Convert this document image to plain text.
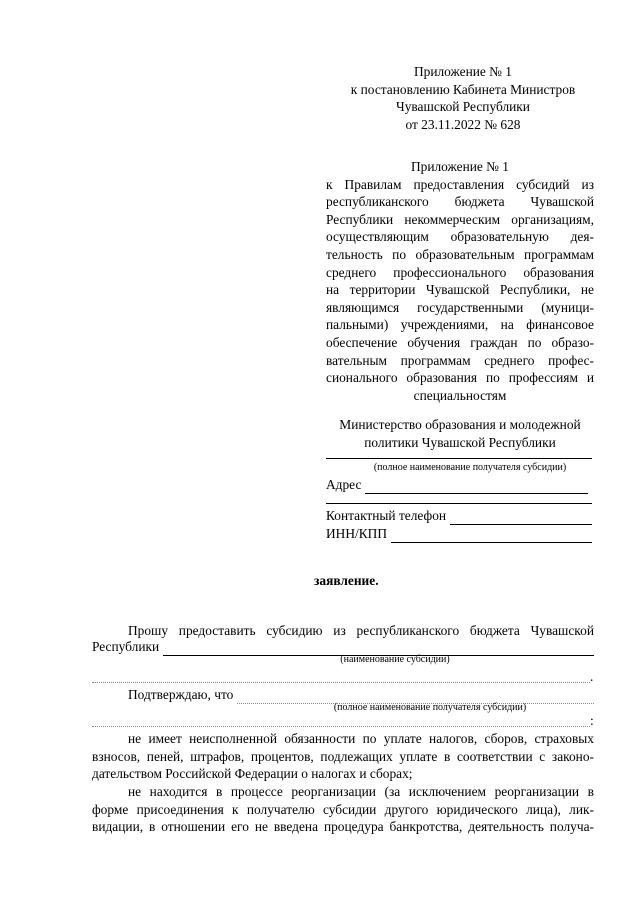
Приложение № 1

к постановлению Кабинета Министров

Чувашской Республики

от 23.11.2022 № 628

Приложение № 1

к Правилам предоставления субсидий из

республиканского бюджета Чувашской

Республики некоммерческим организациям,

осуществляющим образовательную дея-

тельность по образовательным программам

среднего профессионального образования

на территории Чувашской Республики, не

являющимся государственными (муници-

пальными) учреждениями, на финансовое

обеспечение обучения граждан по образо-

вательным программам среднего профес-

сионального образования по профессиям и

специальностям

Министерство образования и молодежной

политики Чувашской Республики

(полное наименование получателя субсидии)
Адрес
Контактный телефон
ИНН/КПП
заявление.
Прошу предоставить субсидию из республиканского бюджета Чувашской
Республики
(наименование субсидии)
.
Подтверждаю, что
(полное наименование получателя субсидии)
:

не имеет неисполненной обязанности по уплате налогов, сборов, страховых

взносов, пеней, штрафов, процентов, подлежащих уплате в соответствии с законо-

дательством Российской Федерации о налогах и сборах;

не находится в процессе реорганизации (за исключением реорганизации в

форме присоединения к получателю субсидии другого юридического лица), лик-

видации, в отношении его не введена процедура банкротства, деятельность получа-
